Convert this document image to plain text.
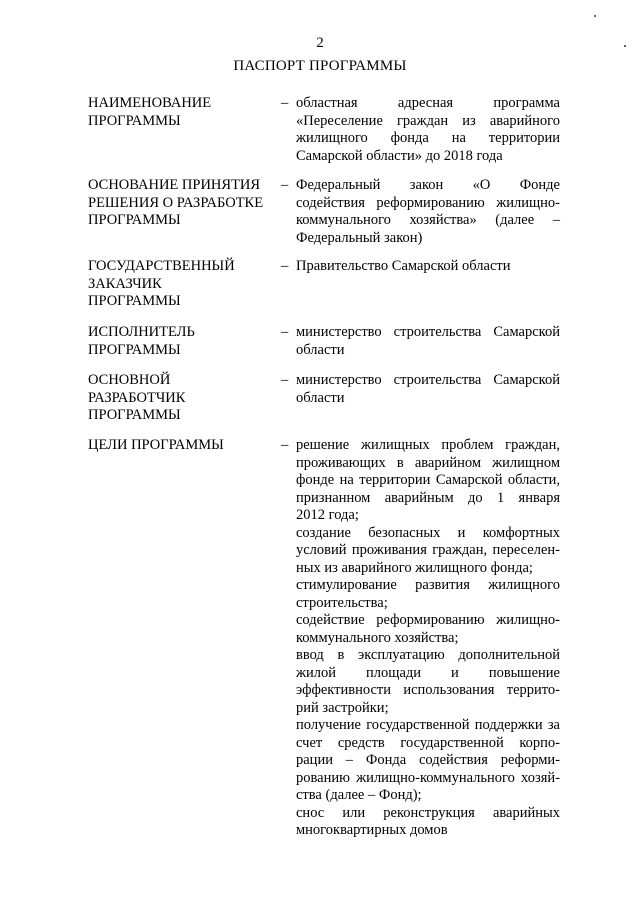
2
ПАСПОРТ ПРОГРАММЫ
НАИМЕНОВАНИЕ
ПРОГРАММЫ
– областная адресная программа
«Переселение граждан из аварийного
жилищного фонда на территории
Самарской области» до 2018 года
ОСНОВАНИЕ ПРИНЯТИЯ
РЕШЕНИЯ О РАЗРАБОТКЕ
ПРОГРАММЫ
– Федеральный закон «О Фонде
содействия реформированию жилищно-
коммунального хозяйства» (далее –
Федеральный закон)
ГОСУДАРСТВЕННЫЙ
ЗАКАЗЧИК
ПРОГРАММЫ
– Правительство Самарской области
ИСПОЛНИТЕЛЬ
ПРОГРАММЫ
– министерство строительства Самарской
области
ОСНОВНОЙ
РАЗРАБОТЧИК
ПРОГРАММЫ
– министерство строительства Самарской
области
ЦЕЛИ ПРОГРАММЫ	– решение жилищных проблем граждан,
проживающих в аварийном жилищном
фонде на территории Самарской области,
признанном аварийным до 1 января
2012 года;
создание безопасных и комфортных
условий проживания граждан, переселен-
ных из аварийного жилищного фонда;
стимулирование развития жилищного
строительства;
содействие реформированию жилищно-
коммунального хозяйства;
ввод в эксплуатацию дополнительной
жилой площади и повышение
эффективности использования террито-
рий застройки;
получение государственной поддержки за
счет средств государственной корпо-
рации – Фонда содействия реформи-
рованию жилищно-коммунального хозяй-
ства (далее – Фонд);
снос или реконструкция аварийных
многоквартирных домов
